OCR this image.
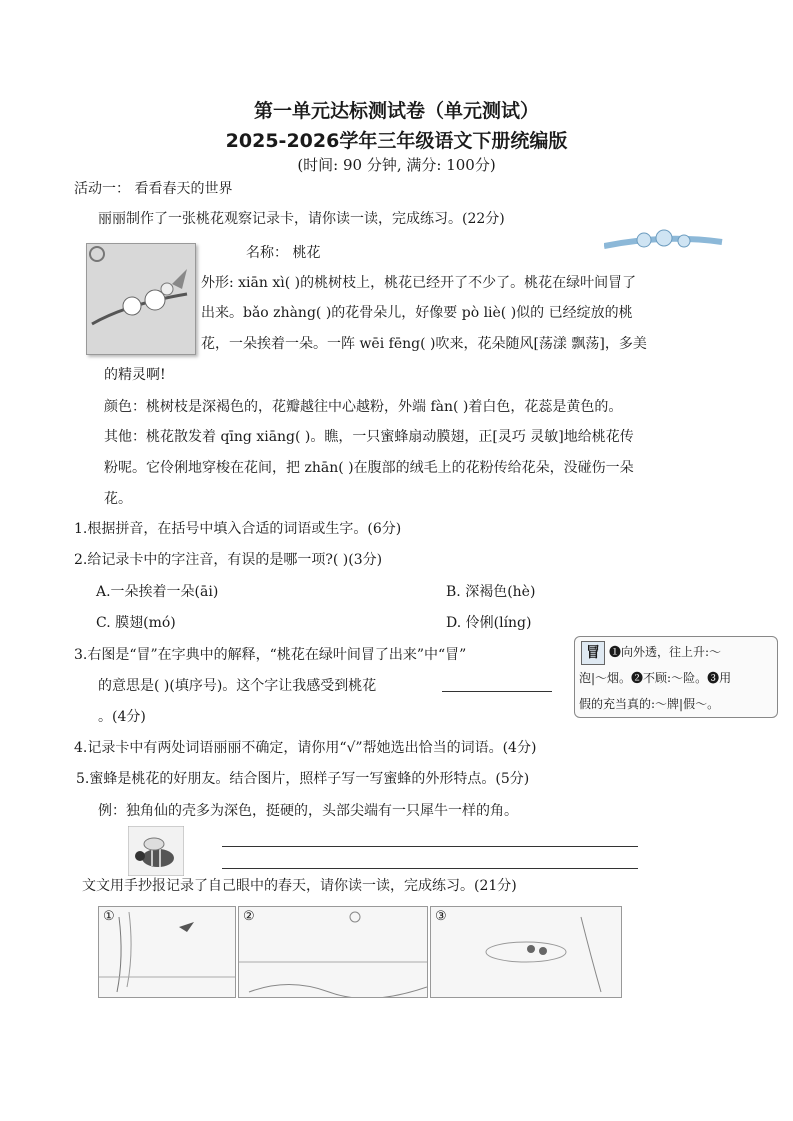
第一单元达标测试卷（单元测试）
2025-2026学年三年级语文下册统编版
(时间: 90 分钟, 满分: 100分)
活动一： 看看春天的世界
丽丽制作了一张桃花观察记录卡，请你读一读，完成练习。(22分)
名称： 桃花
外形: xiān xì( )的桃树枝上，桃花已经开了不少了。桃花在绿叶间冒了
出来。bǎo zhàng( )的花骨朵儿，好像要 pò liè( )似的 已经绽放的桃
花，一朵挨着一朵。一阵 wēi fēng( )吹来，花朵随风[荡漾 飘荡]，多美
的精灵啊!
颜色：桃树枝是深褐色的，花瓣越往中心越粉，外端 fàn( )着白色，花蕊是黄色的。
其他：桃花散发着 qīng xiāng( )。瞧，一只蜜蜂扇动膜翅，正[灵巧 灵敏]地给桃花传
粉呢。它伶俐地穿梭在花间，把 zhān( )在腹部的绒毛上的花粉传给花朵，没碰伤一朵
花。
1.根据拼音，在括号中填入合适的词语或生字。(6分)
2.给记录卡中的字注音，有误的是哪一项?( )(3分)
A.一朵挨着一朵(āi)	B. 深褐色(hè)
C. 膜翅(mó)	D. 伶俐(líng)
3.右图是“冒”在字典中的解释，“桃花在绿叶间冒了出来”中“冒”
的意思是( )(填序号)。这个字让我感受到桃花
。(4分)
冒 ❶向外透，往上升:～
泡|～烟。❷不顾:～险。❸用
假的充当真的:～牌|假～。
4.记录卡中有两处词语丽丽不确定，请你用“√”帮她选出恰当的词语。(4分)
5.蜜蜂是桃花的好朋友。结合图片，照样子写一写蜜蜂的外形特点。(5分)
例：独角仙的壳多为深色，挺硬的，头部尖端有一只犀牛一样的角。
文文用手抄报记录了自己眼中的春天，请你读一读，完成练习。(21分)
①	②	③
